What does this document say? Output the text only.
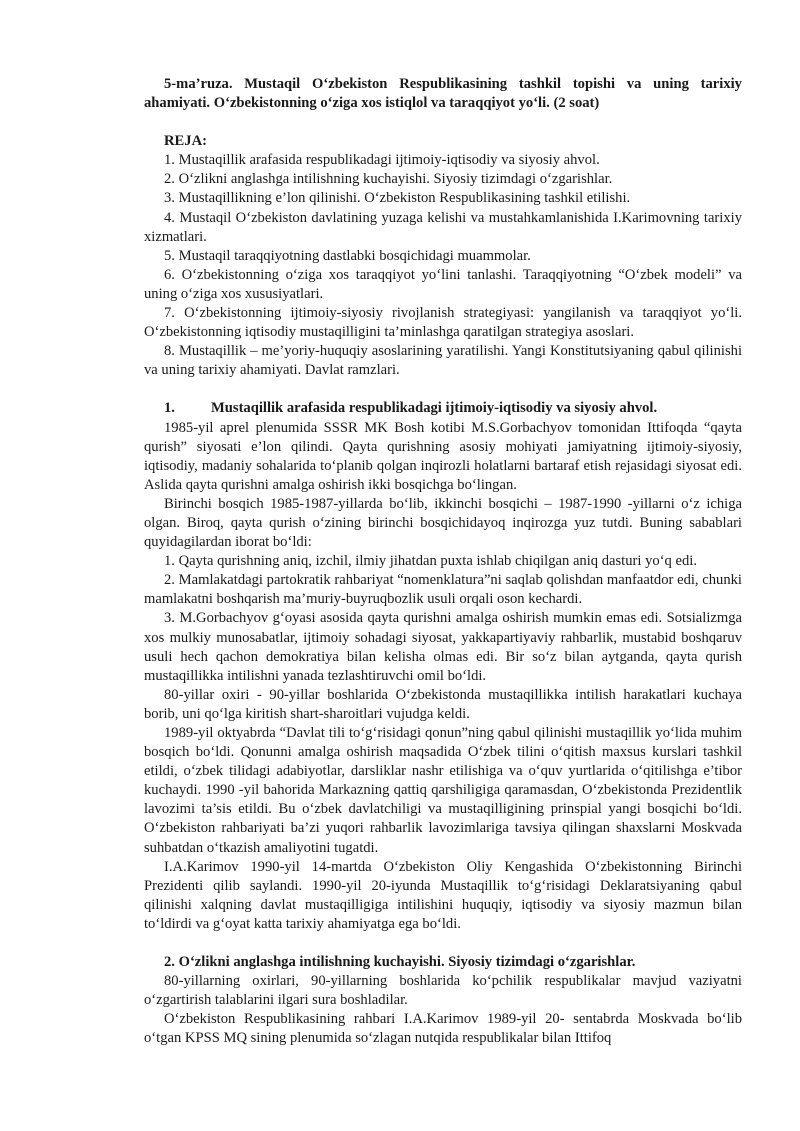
5-ma’ruza. Mustaqil O‘zbekiston Respublikasining tashkil topishi va uning tarixiy ahamiyati. O‘zbekistonning o‘ziga xos istiqlol va taraqqiyot yo‘li. (2 soat)

REJA:

1. Mustaqillik arafasida respublikadagi ijtimoiy-iqtisodiy va siyosiy ahvol.

2. O‘zlikni anglashga intilishning kuchayishi. Siyosiy tizimdagi o‘zgarishlar.

3. Mustaqillikning e’lon qilinishi. O‘zbekiston Respublikasining tashkil etilishi.

4. Mustaqil O‘zbekiston davlatining yuzaga kelishi va mustahkamlanishida I.Karimovning tarixiy xizmatlari.

5. Mustaqil taraqqiyotning dastlabki bosqichidagi muammolar.

6. O‘zbekistonning o‘ziga xos taraqqiyot yo‘lini tanlashi. Taraqqiyotning “O‘zbek modeli” va uning o‘ziga xos xususiyatlari.

7. O‘zbekistonning ijtimoiy-siyosiy rivojlanish strategiyasi: yangilanish va taraqqiyot yo‘li. O‘zbekistonning iqtisodiy mustaqilligini ta’minlashga qaratilgan strategiya asoslari.

8. Mustaqillik – me’yoriy-huquqiy asoslarining yaratilishi. Yangi Konstitutsiyaning qabul qilinishi va uning tarixiy ahamiyati. Davlat ramzlari.

1. Mustaqillik arafasida respublikadagi ijtimoiy-iqtisodiy va siyosiy ahvol.

1985-yil aprel plenumida SSSR MK Bosh kotibi M.S.Gorbachyov tomonidan Ittifoqda “qayta qurish” siyosati e’lon qilindi. Qayta qurishning asosiy mohiyati jamiyatning ijtimoiy-siyosiy, iqtisodiy, madaniy sohalarida to‘planib qolgan inqirozli holatlarni bartaraf etish rejasidagi siyosat edi. Aslida qayta qurishni amalga oshirish ikki bosqichga bo‘lingan.

Birinchi bosqich 1985-1987-yillarda bo‘lib, ikkinchi bosqichi – 1987-1990 -yillarni o‘z ichiga olgan. Biroq, qayta qurish o‘zining birinchi bosqichidayoq inqirozga yuz tutdi. Buning sabablari quyidagilardan iborat bo‘ldi:

1. Qayta qurishning aniq, izchil, ilmiy jihatdan puxta ishlab chiqilgan aniq dasturi yo‘q edi.

2. Mamlakatdagi partokratik rahbariyat “nomenklatura”ni saqlab qolishdan manfaatdor edi, chunki mamlakatni boshqarish ma’muriy-buyruqbozlik usuli orqali oson kechardi.

3. M.Gorbachyov g‘oyasi asosida qayta qurishni amalga oshirish mumkin emas edi. Sotsializmga xos mulkiy munosabatlar, ijtimoiy sohadagi siyosat, yakkapartiyaviy rahbarlik, mustabid boshqaruv usuli hech qachon demokratiya bilan kelisha olmas edi. Bir so‘z bilan aytganda, qayta qurish mustaqillikka intilishni yanada tezlashtiruvchi omil bo‘ldi.

80-yillar oxiri - 90-yillar boshlarida O‘zbekistonda mustaqillikka intilish harakatlari kuchaya borib, uni qo‘lga kiritish shart-sharoitlari vujudga keldi.

1989-yil oktyabrda “Davlat tili to‘g‘risidagi qonun”ning qabul qilinishi mustaqillik yo‘lida muhim bosqich bo‘ldi. Qonunni amalga oshirish maqsadida O‘zbek tilini o‘qitish maxsus kurslari tashkil etildi, o‘zbek tilidagi adabiyotlar, darsliklar nashr etilishiga va o‘quv yurtlarida o‘qitilishga e’tibor kuchaydi. 1990 -yil bahorida Markazning qattiq qarshiligiga qaramasdan, O‘zbekistonda Prezidentlik lavozimi ta’sis etildi. Bu o‘zbek davlatchiligi va mustaqilligining prinspial yangi bosqichi bo‘ldi. O‘zbekiston rahbariyati ba’zi yuqori rahbarlik lavozimlariga tavsiya qilingan shaxslarni Moskvada suhbatdan o‘tkazish amaliyotini tugatdi.

I.A.Karimov 1990-yil 14-martda O‘zbekiston Oliy Kengashida O‘zbekistonning Birinchi Prezidenti qilib saylandi. 1990-yil 20-iyunda Mustaqillik to‘g‘risidagi Deklaratsiyaning qabul qilinishi xalqning davlat mustaqilligiga intilishini huquqiy, iqtisodiy va siyosiy mazmun bilan to‘ldirdi va g‘oyat katta tarixiy ahamiyatga ega bo‘ldi.

2. O‘zlikni anglashga intilishning kuchayishi. Siyosiy tizimdagi o‘zgarishlar.

80-yillarning oxirlari, 90-yillarning boshlarida ko‘pchilik respublikalar mavjud vaziyatni o‘zgartirish talablarini ilgari sura boshladilar.

O‘zbekiston Respublikasining rahbari I.A.Karimov 1989-yil 20- sentabrda Moskvada bo‘lib o‘tgan KPSS MQ sining plenumida so‘zlagan nutqida respublikalar bilan Ittifoq
